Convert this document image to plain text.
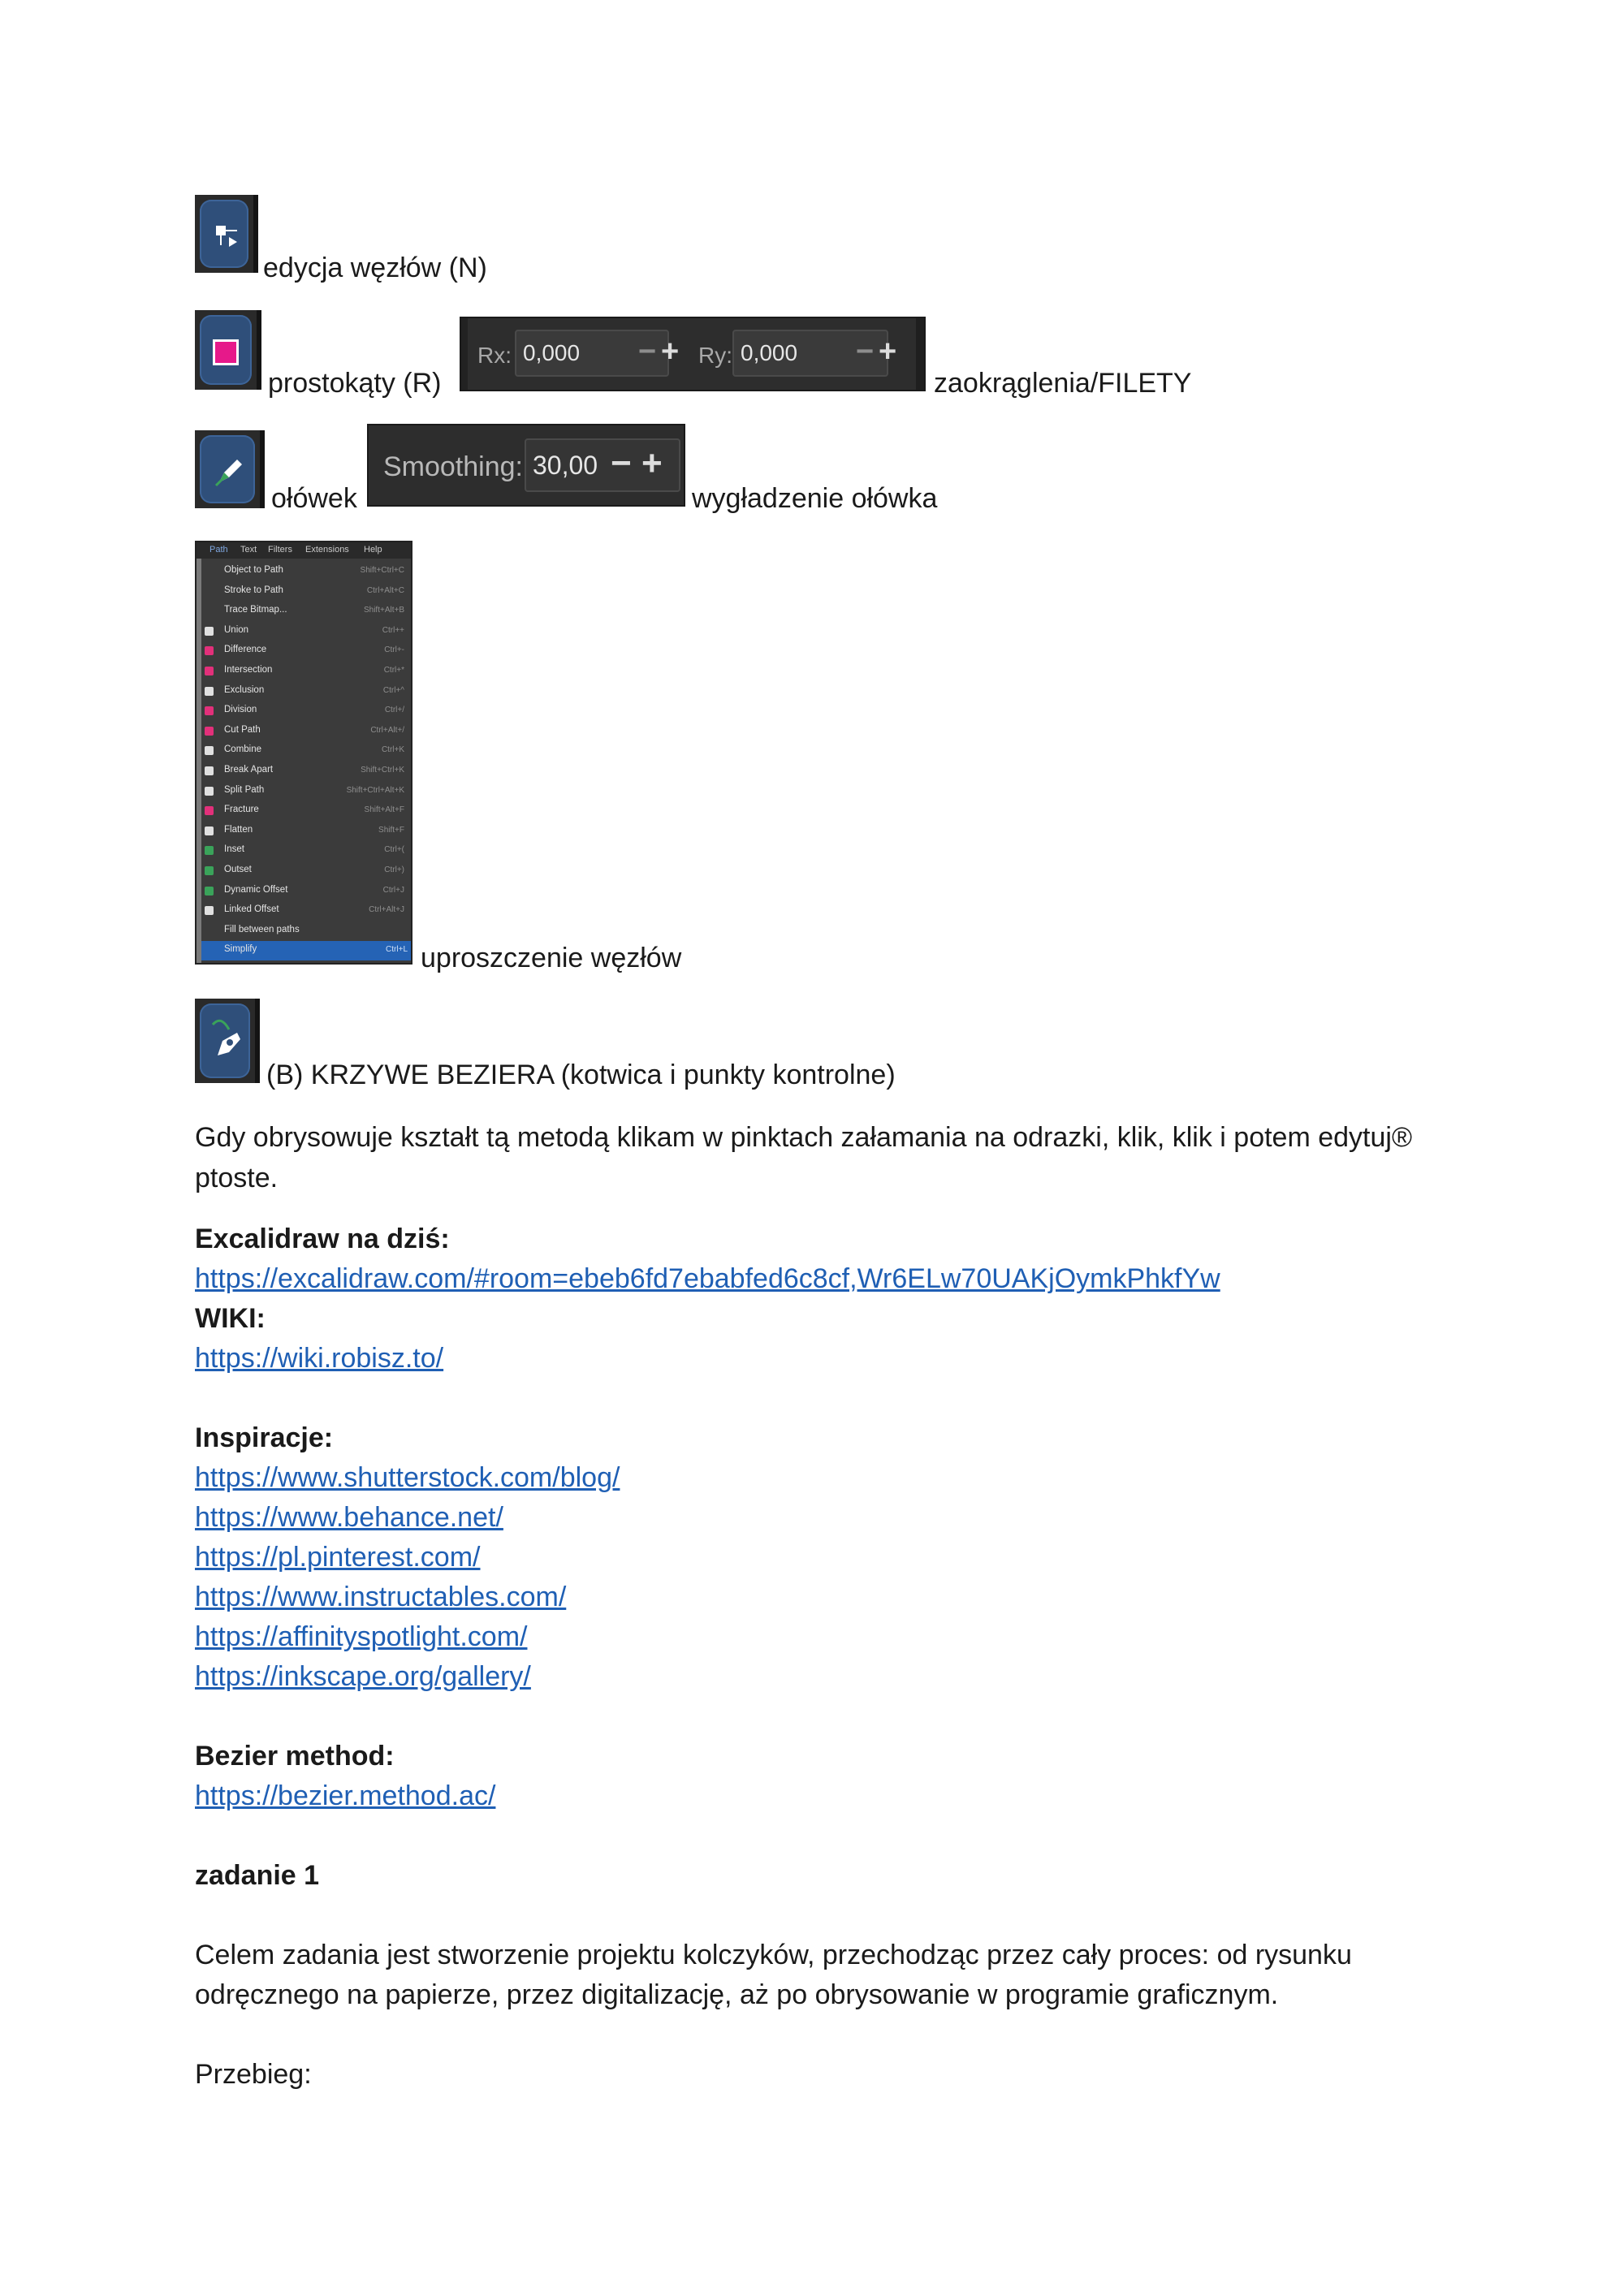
edycja węzłów (N)
prostokąty (R)
Rx: 0,000	− + Ry: 0,000	− +
zaokrąglenia/FILETY
ołówek
Smoothing: 30,00 − +
wygładzenie ołówka
Path Text Filters Extensions Help
Object to Path	Shift+Ctrl+C
Stroke to Path	Ctrl+Alt+C
Trace Bitmap...	Shift+Alt+B
Union	Ctrl++
Difference	Ctrl+-
Intersection	Ctrl+*
Exclusion	Ctrl+^
Division	Ctrl+/
Cut Path	Ctrl+Alt+/
Combine	Ctrl+K
Break Apart	Shift+Ctrl+K
Split Path	Shift+Ctrl+Alt+K
Fracture	Shift+Alt+F
Flatten	Shift+F
Inset	Ctrl+(
Outset	Ctrl+)
Dynamic Offset	Ctrl+J
Linked Offset	Ctrl+Alt+J
Fill between paths
Simplify	Ctrl+L uproszczenie węzłów
(B) KRZYWE BEZIERA (kotwica i punkty kontrolne)
Gdy obrysowuje kształt tą metodą klikam w pinktach załamania na odrazki, klik, klik i potem edytuj® ptoste.
Excalidraw na dziś:
https://excalidraw.com/#room=ebeb6fd7ebabfed6c8cf,Wr6ELw70UAKjOymkPhkfYw
WIKI:
https://wiki.robisz.to/
Inspiracje:
https://www.shutterstock.com/blog/
https://www.behance.net/
https://pl.pinterest.com/
https://www.instructables.com/
https://affinityspotlight.com/
https://inkscape.org/gallery/
Bezier method:
https://bezier.method.ac/
zadanie 1
Celem zadania jest stworzenie projektu kolczyków, przechodząc przez cały proces: od rysunku odręcznego na papierze, przez digitalizację, aż po obrysowanie w programie graficznym.
Przebieg:
